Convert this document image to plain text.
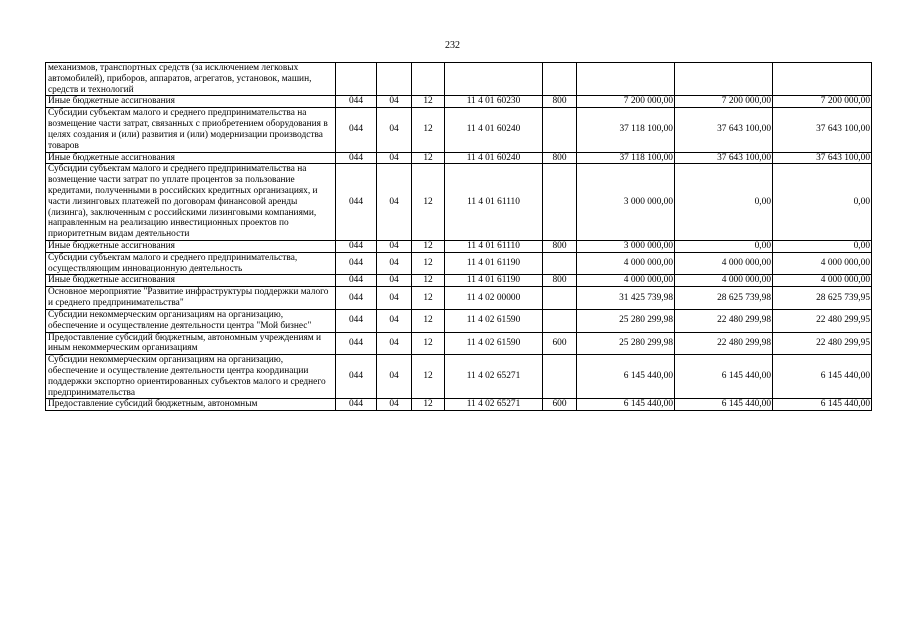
232
механизмов, транспортных средств (за исключением легковых автомобилей), приборов, аппаратов, агрегатов, установок, машин, средств и технологий								
Иные бюджетные ассигнования	044	04	12	11 4 01 60230	800	7 200 000,00	7 200 000,00	7 200 000,00
Субсидии субъектам малого и среднего предпринимательства на возмещение части затрат, связанных с приобретением оборудования в целях создания и (или) развития и (или) модернизации производства товаров	044	04	12	11 4 01 60240		37 118 100,00	37 643 100,00	37 643 100,00
Иные бюджетные ассигнования	044	04	12	11 4 01 60240	800	37 118 100,00	37 643 100,00	37 643 100,00
Субсидии субъектам малого и среднего предпринимательства на возмещение части затрат по уплате процентов за пользование кредитами, полученными в российских кредитных организациях, и части лизинговых платежей по договорам финансовой аренды (лизинга), заключенным с российскими лизинговыми компаниями, направленным на реализацию инвестиционных проектов по приоритетным видам деятельности	044	04	12	11 4 01 61110		3 000 000,00	0,00	0,00
Иные бюджетные ассигнования	044	04	12	11 4 01 61110	800	3 000 000,00	0,00	0,00
Субсидии субъектам малого и среднего предпринимательства, осуществляющим инновационную деятельность	044	04	12	11 4 01 61190		4 000 000,00	4 000 000,00	4 000 000,00
Иные бюджетные ассигнования	044	04	12	11 4 01 61190	800	4 000 000,00	4 000 000,00	4 000 000,00
Основное мероприятие "Развитие инфраструктуры поддержки малого и среднего предпринимательства"	044	04	12	11 4 02 00000		31 425 739,98	28 625 739,98	28 625 739,95
Субсидии некоммерческим организациям на организацию, обеспечение и осуществление деятельности центра "Мой бизнес"	044	04	12	11 4 02 61590		25 280 299,98	22 480 299,98	22 480 299,95
Предоставление субсидий бюджетным, автономным учреждениям и иным некоммерческим организациям	044	04	12	11 4 02 61590	600	25 280 299,98	22 480 299,98	22 480 299,95
Субсидии некоммерческим организациям на организацию, обеспечение и осуществление деятельности центра координации поддержки экспортно ориентированных субъектов малого и среднего предпринимательства	044	04	12	11 4 02 65271		6 145 440,00	6 145 440,00	6 145 440,00
Предоставление субсидий бюджетным, автономным	044	04	12	11 4 02 65271	600	6 145 440,00	6 145 440,00	6 145 440,00
